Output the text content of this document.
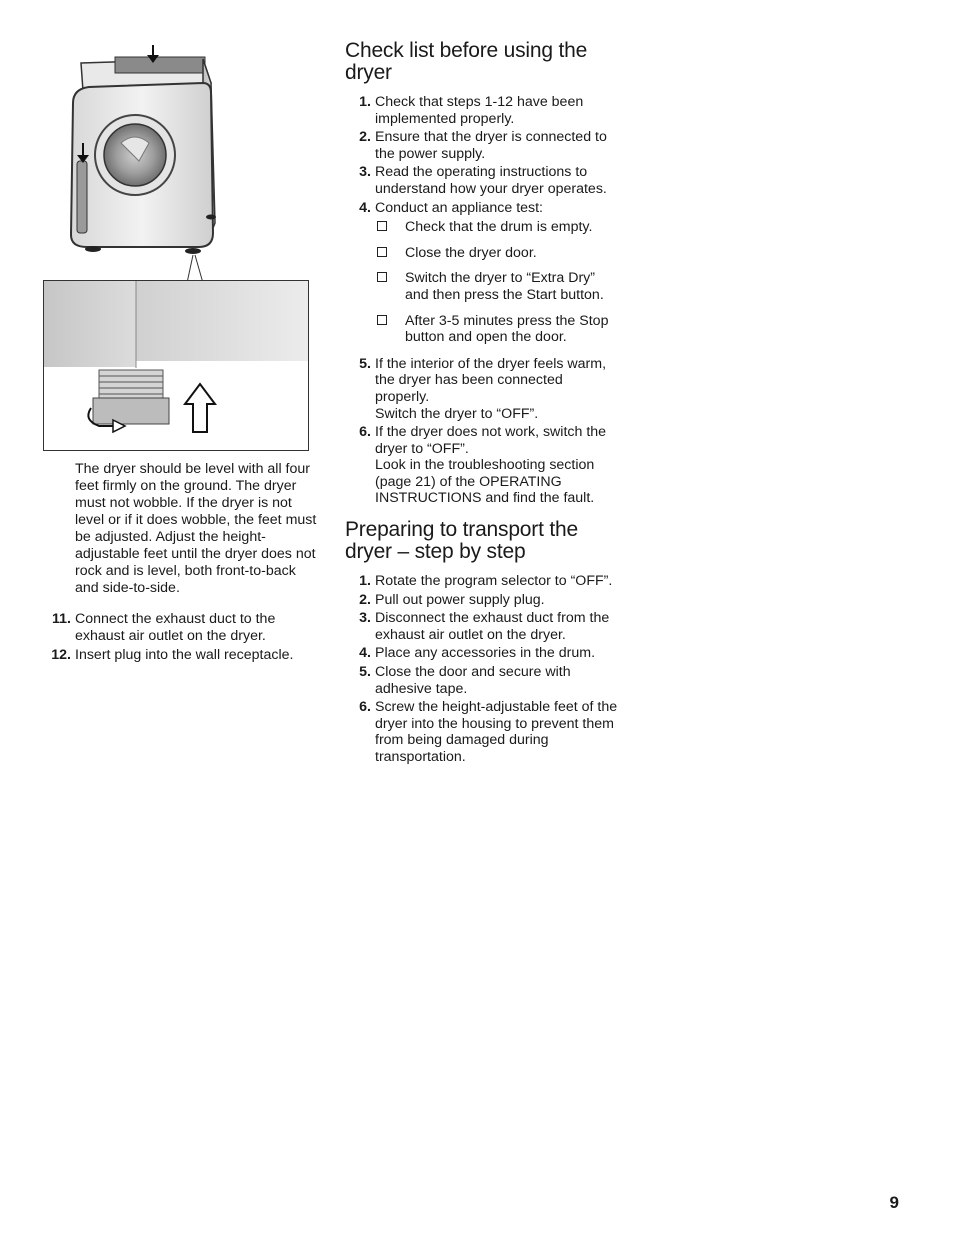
The dryer should be level with all four feet firmly on the ground. The dryer must not wobble. If the dryer is not level or if it does wobble, the feet must be adjusted. Adjust the height-adjustable feet until the dryer does not rock and is level, both front-to-back and side-to-side.

11. Connect the exhaust duct to the exhaust air outlet on the dryer.
12. Insert plug into the wall receptacle.
Check list before using the dryer
1. Check that steps 1-12 have been implemented properly.
2. Ensure that the dryer is connected to the power supply.
3. Read the operating instructions to understand how your dryer operates.
4. Conduct an appliance test:
Check that the drum is empty.
Close the dryer door.
Switch the dryer to “Extra Dry” and then press the Start button.
After 3-5 minutes press the Stop button and open the door.
5. If the interior of the dryer feels warm, the dryer has been connected properly.
Switch the dryer to “OFF”.
6. If the dryer does not work, switch the dryer to “OFF”.
Look in the troubleshooting section (page 21) of the OPERATING INSTRUCTIONS and find the fault.
Preparing to transport the dryer – step by step
1. Rotate the program selector to “OFF”.
2. Pull out power supply plug.
3. Disconnect the exhaust duct from the exhaust air outlet on the dryer.
4. Place any accessories in the drum.
5. Close the door and secure with adhesive tape.
6. Screw the height-adjustable feet of the dryer into the housing to prevent them from being damaged during transportation.
9
